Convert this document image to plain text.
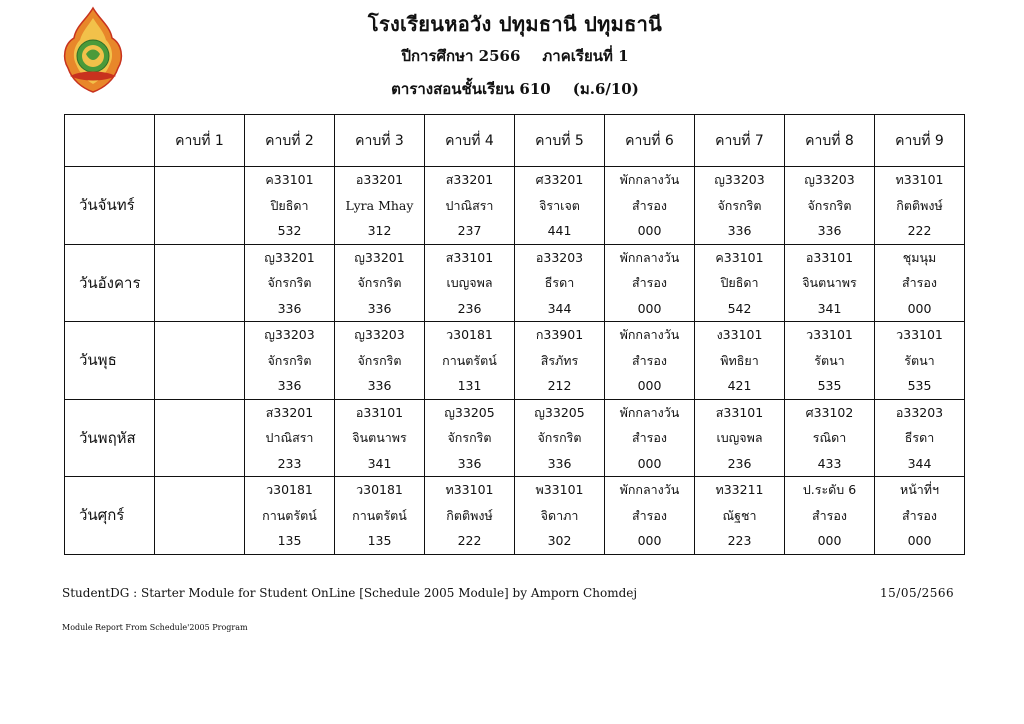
โรงเรียนหอวัง ปทุมธานี ปทุมธานี
ปีการศึกษา 2566 ภาคเรียนที่ 1
ตารางสอนชั้นเรียน 610 (ม.6/10)
	คาบที่ 1	คาบที่ 2	คาบที่ 3	คาบที่ 4	คาบที่ 5	คาบที่ 6	คาบที่ 7	คาบที่ 8	คาบที่ 9
วันจันทร์		ค33101
ปิยธิดา
532	อ33201
Lyra Mhay
312	ส33201
ปาณิสรา
237	ศ33201
จิราเจต
441	พักกลางวัน
สำรอง
000	ญ33203
จักรกริต
336	ญ33203
จักรกริต
336	ท33101
กิตติพงษ์
222

วันอังคาร		ญ33201
จักรกริต
336	ญ33201
จักรกริต
336	ส33101
เบญจพล
236	อ33203
ธีรดา
344	พักกลางวัน
สำรอง
000	ค33101
ปิยธิดา
542	อ33101
จินตนาพร
341	ชุมนุม
สำรอง
000

วันพุธ		ญ33203
จักรกริต
336	ญ33203
จักรกริต
336	ว30181
กานตรัตน์
131	ก33901
สิรภัทร
212	พักกลางวัน
สำรอง
000	ง33101
พิทธิยา
421	ว33101
รัตนา
535	ว33101
รัตนา
535

วันพฤหัส		ส33201
ปาณิสรา
233	อ33101
จินตนาพร
341	ญ33205
จักรกริต
336	ญ33205
จักรกริต
336	พักกลางวัน
สำรอง
000	ส33101
เบญจพล
236	ศ33102
รณิดา
433	อ33203
ธีรดา
344

วันศุกร์		ว30181
กานตรัตน์
135	ว30181
กานตรัตน์
135	ท33101
กิตติพงษ์
222	พ33101
จิดาภา
302	พักกลางวัน
สำรอง
000	ท33211
ณัฐชา
223	ป.ระดับ 6
สำรอง
000	หน้าที่ฯ
สำรอง
000
StudentDG : Starter Module for Student OnLine [Schedule 2005 Module] by Amporn Chomdej	15/05/2566
Module Report From Schedule'2005 Program
